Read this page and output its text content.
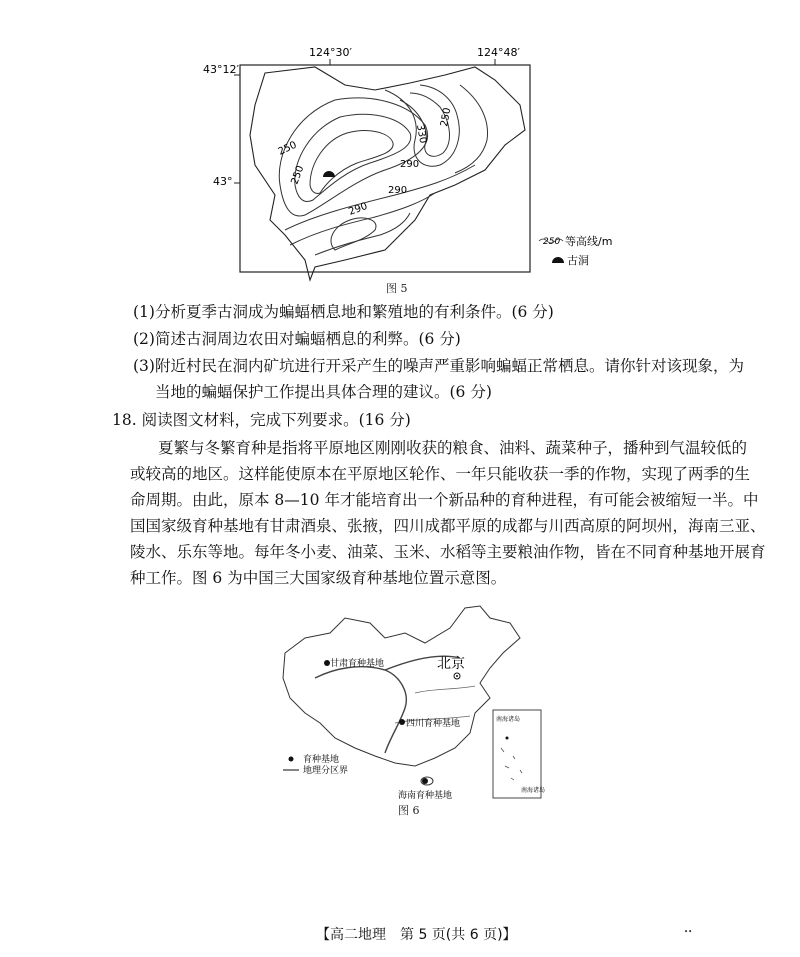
124°30′	124°48′
43°12′
43°
250
250	290
290
330
250
290
250 等高线/m
古洞
图 5
(1)分析夏季古洞成为蝙蝠栖息地和繁殖地的有利条件。(6 分)
(2)简述古洞周边农田对蝙蝠栖息的利弊。(6 分)
(3)附近村民在洞内矿坑进行开采产生的噪声严重影响蝙蝠正常栖息。请你针对该现象，为
当地的蝙蝠保护工作提出具体合理的建议。(6 分)
18. 阅读图文材料，完成下列要求。(16 分)
夏繁与冬繁育种是指将平原地区刚刚收获的粮食、油料、蔬菜种子，播种到气温较低的
或较高的地区。这样能使原本在平原地区轮作、一年只能收获一季的作物，实现了两季的生
命周期。由此，原本 8—10 年才能培育出一个新品种的育种进程，有可能会被缩短一半。中
国国家级育种基地有甘肃酒泉、张掖，四川成都平原的成都与川西高原的阿坝州，海南三亚、
陵水、乐东等地。每年冬小麦、油菜、玉米、水稻等主要粮油作物，皆在不同育种基地开展育
种工作。图 6 为中国三大国家级育种基地位置示意图。
甘肃育种基地	北京
四川育种基地
海南育种基地
南海诸岛
南海诸岛
育种基地
地理分区界
图 6
【高二地理　第 5 页(共 6 页)】	••
